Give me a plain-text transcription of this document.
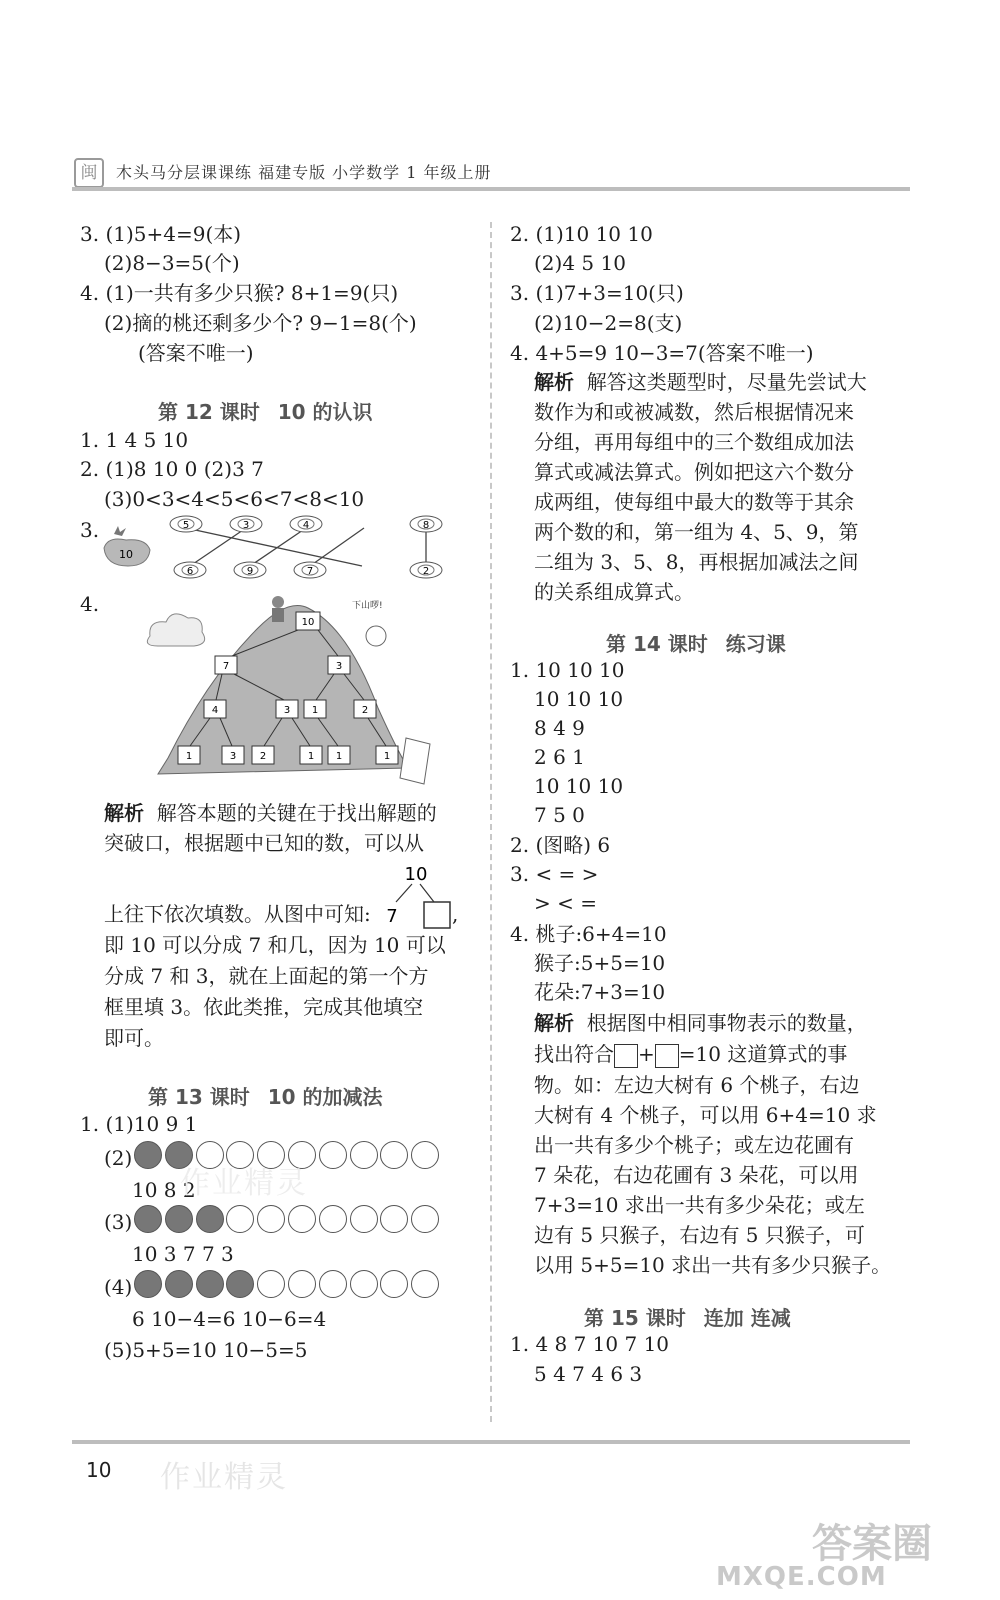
闽	木头马分层课课练 福建专版 小学数学 1 年级上册
3. (1)5+4=9(本)
(2)8−3=5(个)
4. (1)一共有多少只猴? 8+1=9(只)
(2)摘的桃还剩多少个? 9−1=8(个)
(答案不唯一)
第 12 课时 10 的认识
1. 1 4 5 10
2. (1)8 10 0 (2)3 7
(3)0<3<4<5<6<7<8<10
3.
10
5	3	4	8
6	9	7	2
4.	下山啰!
10
7	3
4	3 1	2
1	3 2	1 1	1
解析 解答本题的关键在于找出解题的
突破口，根据题中已知的数，可以从
10
7
上往下依次填数。从图中可知:	,
即 10 可以分成 7 和几，因为 10 可以
分成 7 和 3，就在上面起的第一个方
框里填 3。依此类推，完成其他填空
即可。
第 13 课时 10 的加减法
1. (1)10 9 1
(2)
10 8 2
(3)
10 3 7 7 3
(4)
6 10−4=6 10−6=4
(5)5+5=10 10−5=5
2. (1)10 10 10
(2)4 5 10
3. (1)7+3=10(只)
(2)10−2=8(支)
4. 4+5=9 10−3=7(答案不唯一)
解析 解答这类题型时，尽量先尝试大
数作为和或被减数，然后根据情况来
分组，再用每组中的三个数组成加法
算式或减法算式。例如把这六个数分
成两组，使每组中最大的数等于其余
两个数的和，第一组为 4、5、9，第
二组为 3、5、8，再根据加减法之间
的关系组成算式。
第 14 课时 练习课
1. 10 10 10
10 10 10
8 4 9
2 6 1
10 10 10
7 5 0
2. (图略) 6
3. < = >
> < =
4. 桃子:6+4=10
猴子:5+5=10
花朵:7+3=10
解析 根据图中相同事物表示的数量，
找出符合 + =10 这道算式的事
物。如：左边大树有 6 个桃子，右边
大树有 4 个桃子，可以用 6+4=10 求
出一共有多少个桃子；或左边花圃有
7 朵花，右边花圃有 3 朵花，可以用
7+3=10 求出一共有多少朵花；或左
边有 5 只猴子，右边有 5 只猴子，可
以用 5+5=10 求出一共有多少只猴子。
第 15 课时 连加 连减
1. 4 8 7 10 7 10
5 4 7 4 6 3
10 作业精灵
作业精灵
答案圈
MXQE.COM
